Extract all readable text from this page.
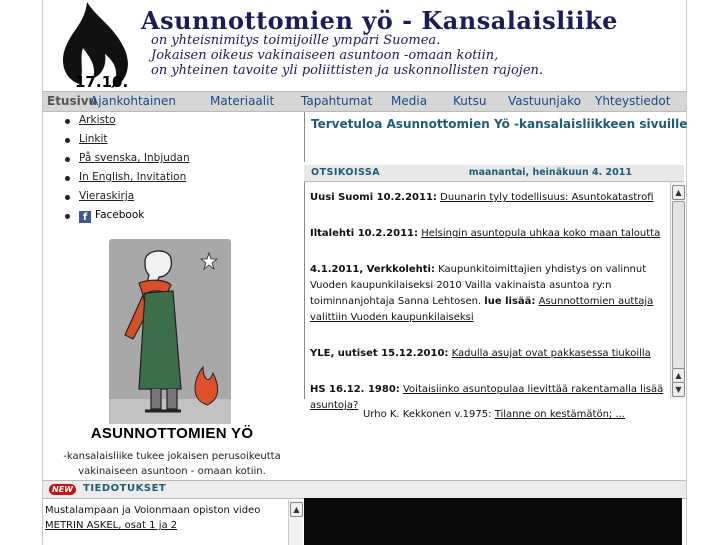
17.10.
Asunnottomien yö - Kansalaisliike
on yhteisnimitys toimijoille ympäri Suomea.
Jokaisen oikeus vakinaiseen asuntoon -omaan kotiin,
on yhteinen tavoite yli poliittisten ja uskonnollisten rajojen.
Etusivu
Ajankohtainen	Materiaalit Tapahtumat Media Kutsu Vastuunjako Yhteystiedot
Arkisto
Linkit
På svenska, Inbjudan
In English, Invitation
Vieraskirja
f Facebook
ASUNNOTTOMIEN YÖ
-kansalaisliike tukee jokaisen perusoikeutta
vakinaiseen asuntoon - omaan kotiin.
Tervetuloa Asunnottomien Yö -kansalaisliikkeen sivuille
OTSIKOISSA	maanantai, heinäkuun 4. 2011
Uusi Suomi 10.2.2011: Duunarin tyly todellisuus: Asuntokatastrofi
Iltalehti 10.2.2011: Helsingin asuntopula uhkaa koko maan taloutta
4.1.2011, Verkkolehti: Kaupunkitoimittajien yhdistys on valinnut Vuoden kaupunkilaiseksi 2010 Vailla vakinaista asuntoa ry:n toiminnanjohtaja Sanna Lehtosen. lue lisää: Asunnottomien auttaja valittiin Vuoden kaupunkilaiseksi
YLE, uutiset 15.12.2010: Kadulla asujat ovat pakkasessa tiukoilla
HS 16.12. 1980: Voitaisiinko asuntopulaa lievittää rakentamalla lisää asuntoja?
▲
▲
▼
Urho K. Kekkonen v.1975: Tilanne on kestämätön; ...
NEW	TIEDOTUKSET
Mustalampaan ja Voionmaan opiston video
METRIN ASKEL, osat 1 ja 2
▲
